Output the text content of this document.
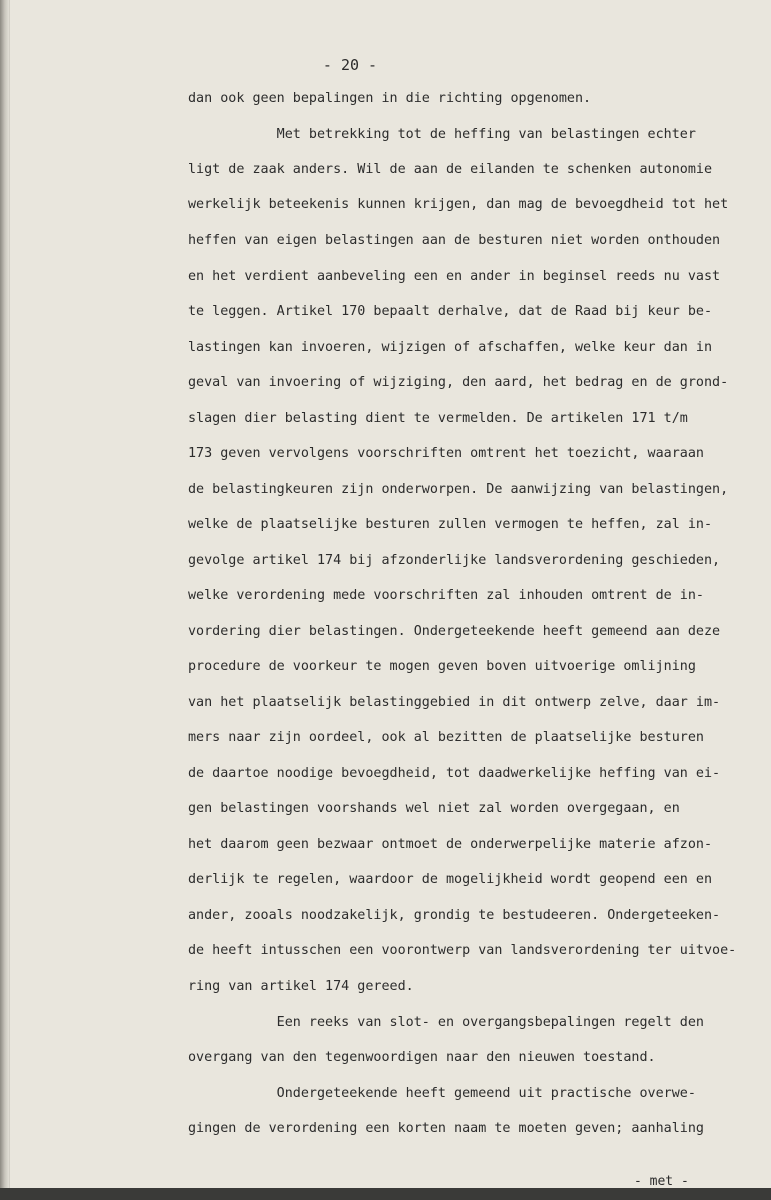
- 20 -
dan ook geen bepalingen in die richting opgenomen.
Met betrekking tot de heffing van belastingen echter
ligt de zaak anders. Wil de aan de eilanden te schenken autonomie
werkelijk beteekenis kunnen krijgen, dan mag de bevoegdheid tot het
heffen van eigen belastingen aan de besturen niet worden onthouden
en het verdient aanbeveling een en ander in beginsel reeds nu vast
te leggen. Artikel 170 bepaalt derhalve, dat de Raad bij keur be-
lastingen kan invoeren, wijzigen of afschaffen, welke keur dan in
geval van invoering of wijziging, den aard, het bedrag en de grond-
slagen dier belasting dient te vermelden. De artikelen 171 t/m
173 geven vervolgens voorschriften omtrent het toezicht, waaraan
de belastingkeuren zijn onderworpen. De aanwijzing van belastingen,
welke de plaatselijke besturen zullen vermogen te heffen, zal in-
gevolge artikel 174 bij afzonderlijke landsverordening geschieden,
welke verordening mede voorschriften zal inhouden omtrent de in-
vordering dier belastingen. Ondergeteekende heeft gemeend aan deze
procedure de voorkeur te mogen geven boven uitvoerige omlijning
van het plaatselijk belastinggebied in dit ontwerp zelve, daar im-
mers naar zijn oordeel, ook al bezitten de plaatselijke besturen
de daartoe noodige bevoegdheid, tot daadwerkelijke heffing van ei-
gen belastingen voorshands wel niet zal worden overgegaan, en
het daarom geen bezwaar ontmoet de onderwerpelijke materie afzon-
derlijk te regelen, waardoor de mogelijkheid wordt geopend een en
ander, zooals noodzakelijk, grondig te bestudeeren. Ondergeteeken-
de heeft intusschen een voorontwerp van landsverordening ter uitvoe-
ring van artikel 174 gereed.
Een reeks van slot- en overgangsbepalingen regelt den
overgang van den tegenwoordigen naar den nieuwen toestand.
Ondergeteekende heeft gemeend uit practische overwe-
gingen de verordening een korten naam te moeten geven; aanhaling
- met -
